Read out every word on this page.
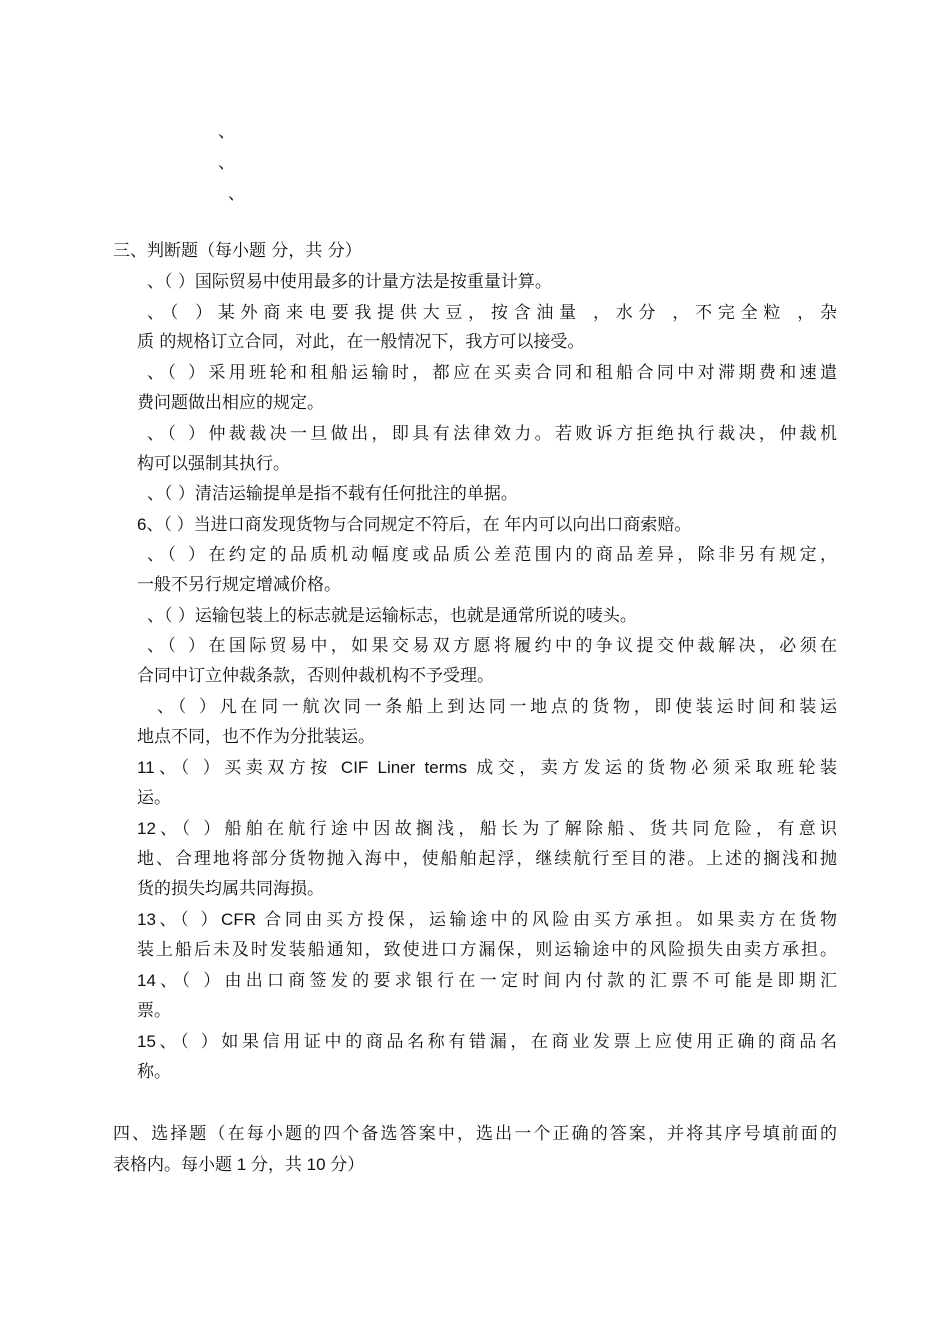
、
、
、
三、判断题（每小题 分，共 分）
、（ ）国际贸易中使用最多的计量方法是按重量计算。
、（ ）某外商来电要我提供大豆，按含油量 ，水分 ，不完全粒 ，杂
质 的规格订立合同，对此，在一般情况下，我方可以接受。
、（ ）采用班轮和租船运输时，都应在买卖合同和租船合同中对滞期费和速遣
费问题做出相应的规定。
、（ ）仲裁裁决一旦做出，即具有法律效力。若败诉方拒绝执行裁决，仲裁机
构可以强制其执行。
、（ ）清洁运输提单是指不载有任何批注的单据。
6、（ ）当进口商发现货物与合同规定不符后，在 年内可以向出口商索赔。
、（ ）在约定的品质机动幅度或品质公差范围内的商品差异，除非另有规定，
一般不另行规定增减价格。
、（ ）运输包装上的标志就是运输标志，也就是通常所说的唛头。
、（ ）在国际贸易中，如果交易双方愿将履约中的争议提交仲裁解决，必须在
合同中订立仲裁条款，否则仲裁机构不予受理。
、（ ）凡在同一航次同一条船上到达同一地点的货物，即使装运时间和装运
地点不同，也不作为分批装运。
11、（ ）买卖双方按 CIF Liner terms 成交，卖方发运的货物必须采取班轮装
运。
12、（ ）船舶在航行途中因故搁浅，船长为了解除船、货共同危险，有意识
地、合理地将部分货物抛入海中，使船舶起浮，继续航行至目的港。上述的搁浅和抛
货的损失均属共同海损。
13、（ ）CFR 合同由买方投保，运输途中的风险由买方承担。如果卖方在货物
装上船后未及时发装船通知，致使进口方漏保，则运输途中的风险损失由卖方承担。
14、（ ）由出口商签发的要求银行在一定时间内付款的汇票不可能是即期汇
票。
15、（ ）如果信用证中的商品名称有错漏，在商业发票上应使用正确的商品名
称。
四、选择题（在每小题的四个备选答案中，选出一个正确的答案，并将其序号填前面的
表格内。每小题 1 分，共 10 分）
